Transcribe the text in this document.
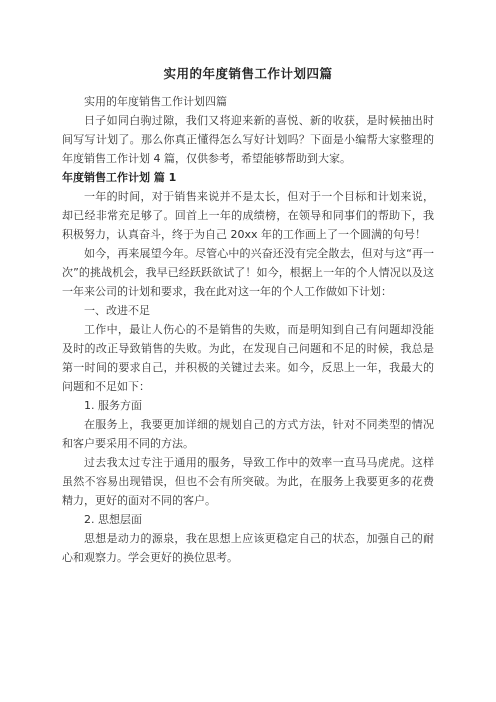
实用的年度销售工作计划四篇

实用的年度销售工作计划四篇

日子如同白驹过隙，我们又将迎来新的喜悦、新的收获，是时候抽出时间写写计划了。那么你真正懂得怎么写好计划吗？下面是小编帮大家整理的年度销售工作计划 4 篇，仅供参考，希望能够帮助到大家。

年度销售工作计划 篇 1

一年的时间，对于销售来说并不是太长，但对于一个目标和计划来说，却已经非常充足够了。回首上一年的成绩榜，在领导和同事们的帮助下，我积极努力，认真奋斗，终于为自己 20xx 年的工作画上了一个圆满的句号！

如今，再来展望今年。尽管心中的兴奋还没有完全散去，但对与这“再一次”的挑战机会，我早已经跃跃欲试了！如今，根据上一年的个人情况以及这一年来公司的计划和要求，我在此对这一年的个人工作做如下计划：

一、改进不足

工作中，最让人伤心的不是销售的失败，而是明知到自己有问题却没能及时的改正导致销售的失败。为此，在发现自己问题和不足的时候，我总是第一时间的要求自己，并积极的关键过去来。如今，反思上一年，我最大的问题和不足如下：

1. 服务方面

在服务上，我要更加详细的规划自己的方式方法，针对不同类型的情况和客户要采用不同的方法。

过去我太过专注于通用的服务，导致工作中的效率一直马马虎虎。这样虽然不容易出现错误，但也不会有所突破。为此，在服务上我要更多的花费精力，更好的面对不同的客户。

2. 思想层面

思想是动力的源泉，我在思想上应该更稳定自己的状态，加强自己的耐心和观察力。学会更好的换位思考。
